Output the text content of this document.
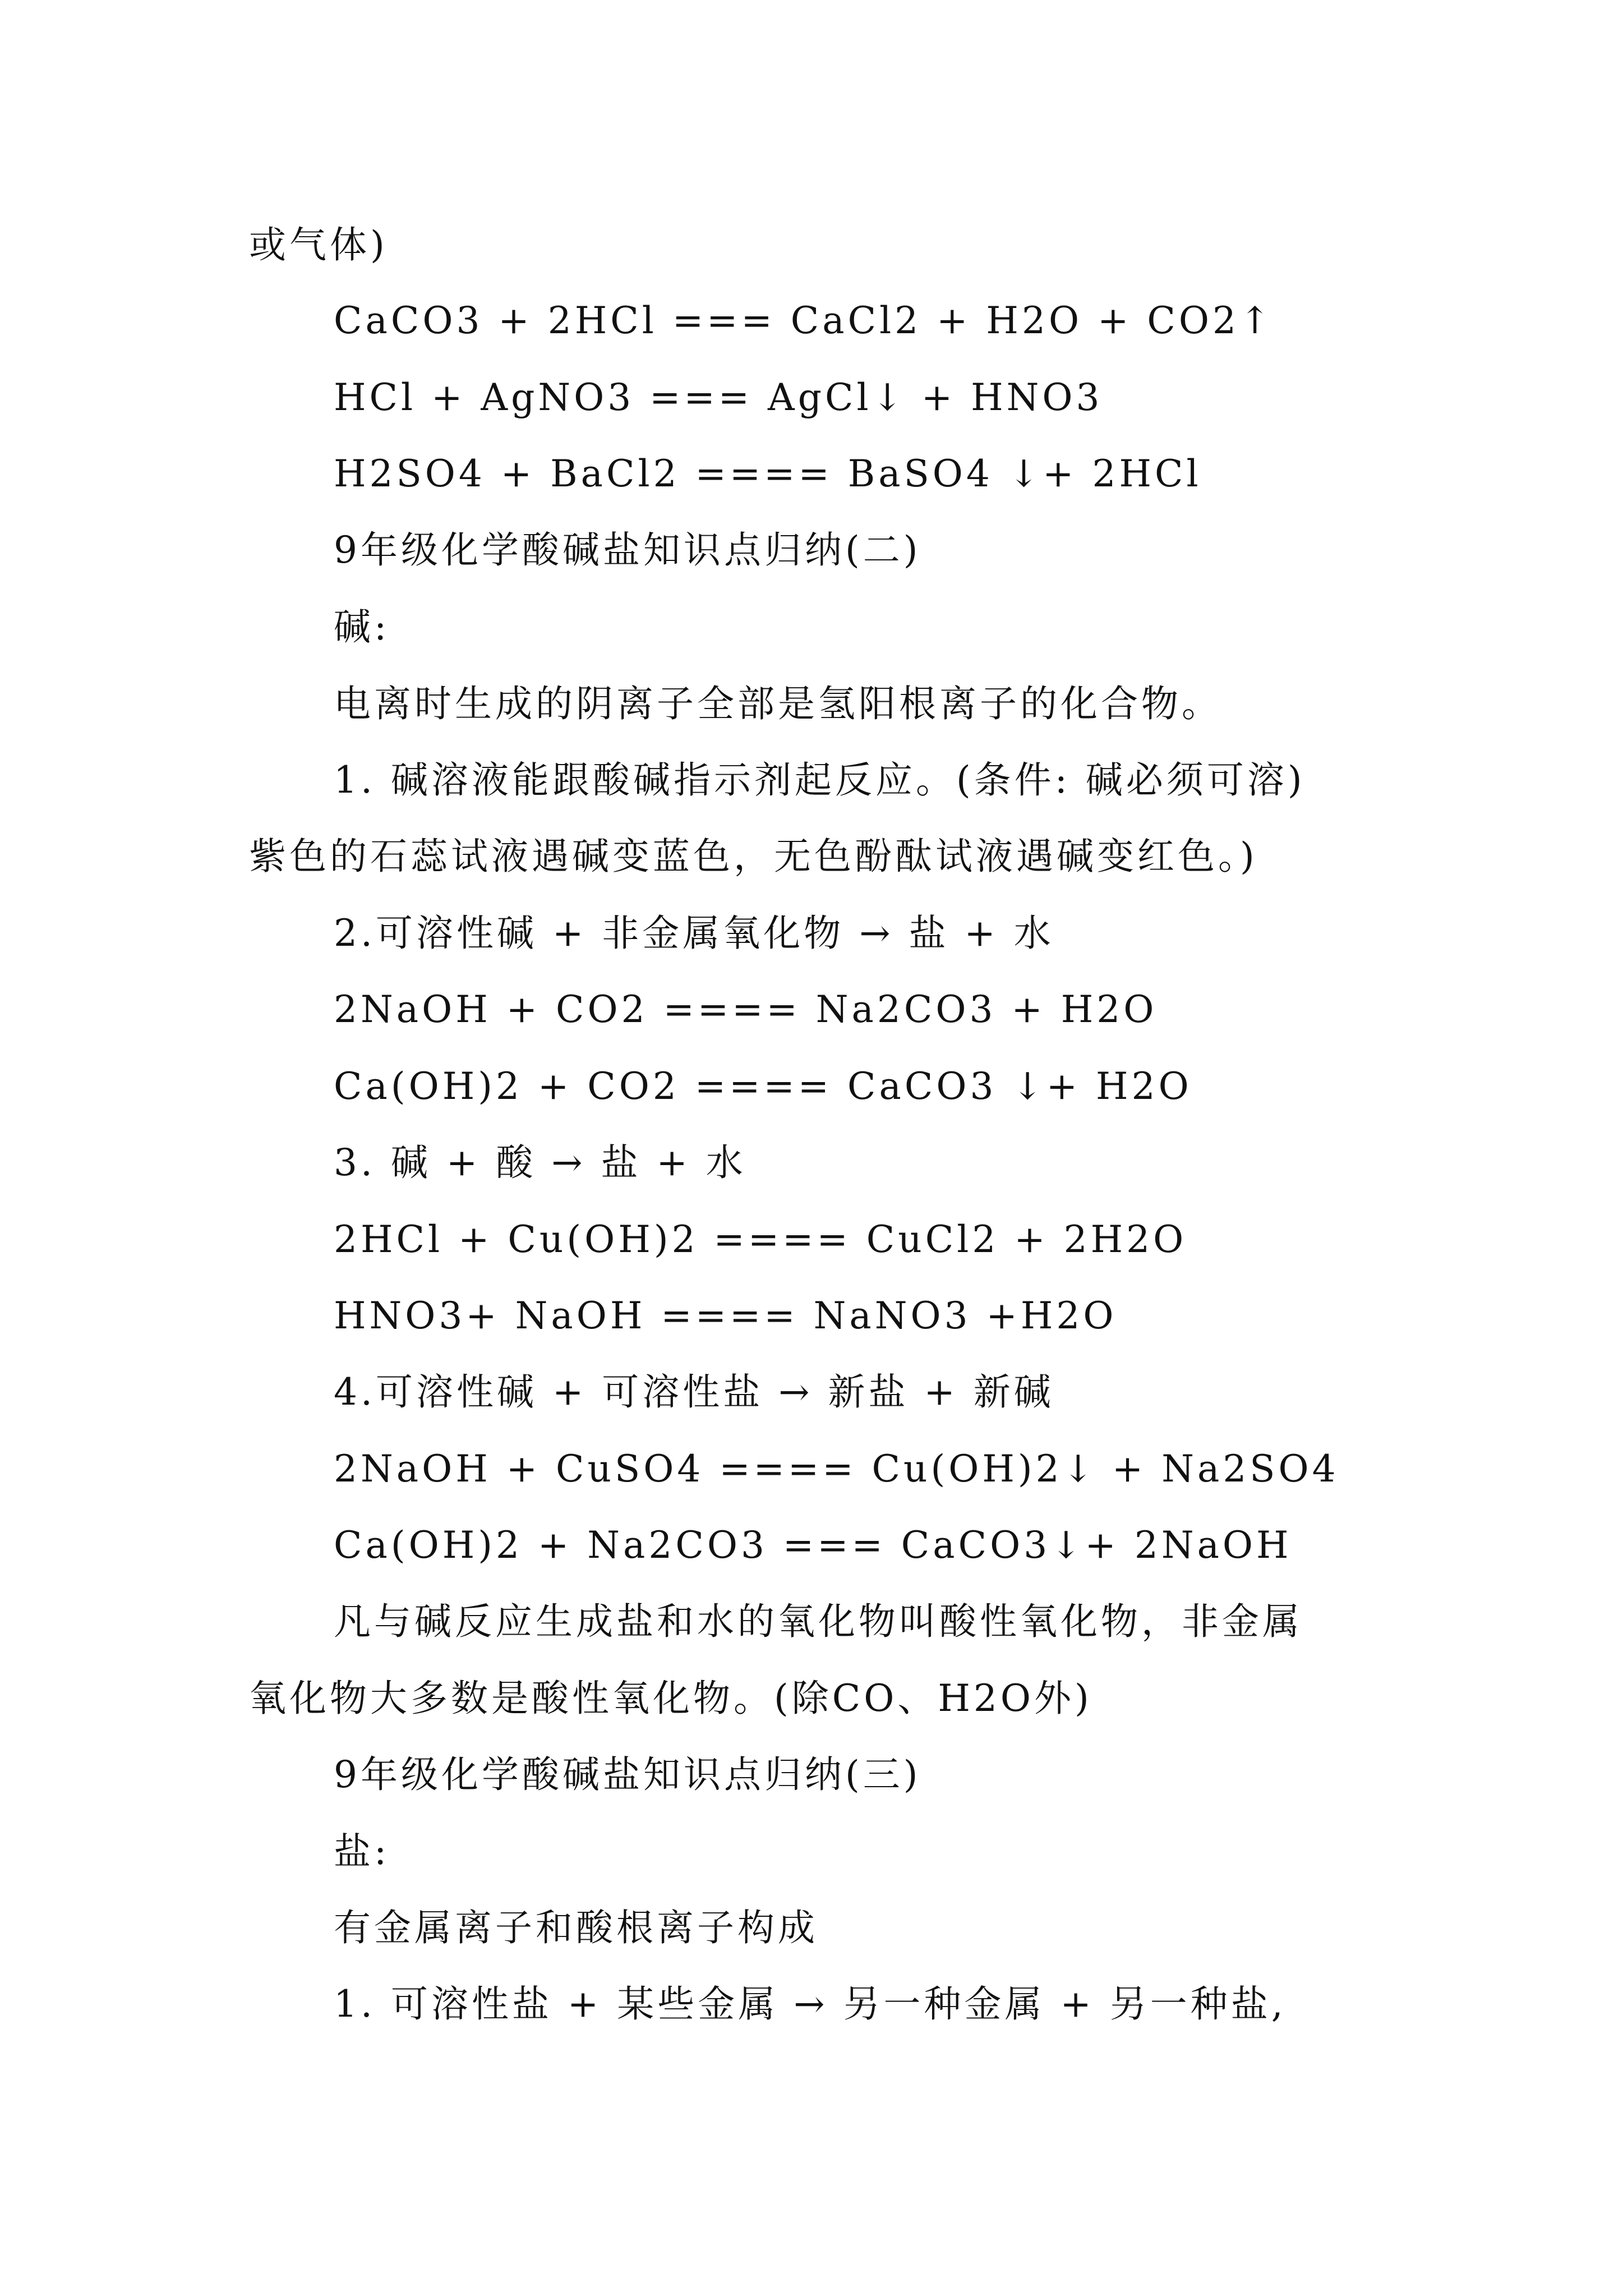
或气体)
CaCO3 + 2HCl === CaCl2 + H2O + CO2↑
HCl + AgNO3 === AgCl↓ + HNO3
H2SO4 + BaCl2 ==== BaSO4 ↓+ 2HCl
9年级化学酸碱盐知识点归纳(二)
碱:
电离时生成的阴离子全部是氢阳根离子的化合物。
1. 碱溶液能跟酸碱指示剂起反应。(条件: 碱必须可溶)
紫色的石蕊试液遇碱变蓝色，无色酚酞试液遇碱变红色。)
2.可溶性碱 + 非金属氧化物 → 盐 + 水
2NaOH + CO2 ==== Na2CO3 + H2O
Ca(OH)2 + CO2 ==== CaCO3 ↓+ H2O
3. 碱 + 酸 → 盐 + 水
2HCl + Cu(OH)2 ==== CuCl2 + 2H2O
HNO3+ NaOH ==== NaNO3 +H2O
4.可溶性碱 + 可溶性盐 → 新盐 + 新碱
2NaOH + CuSO4 ==== Cu(OH)2↓ + Na2SO4
Ca(OH)2 + Na2CO3 === CaCO3↓+ 2NaOH
凡与碱反应生成盐和水的氧化物叫酸性氧化物，非金属
氧化物大多数是酸性氧化物。(除CO、H2O外)
9年级化学酸碱盐知识点归纳(三)
盐:
有金属离子和酸根离子构成
1. 可溶性盐 + 某些金属 → 另一种金属 + 另一种盐,
